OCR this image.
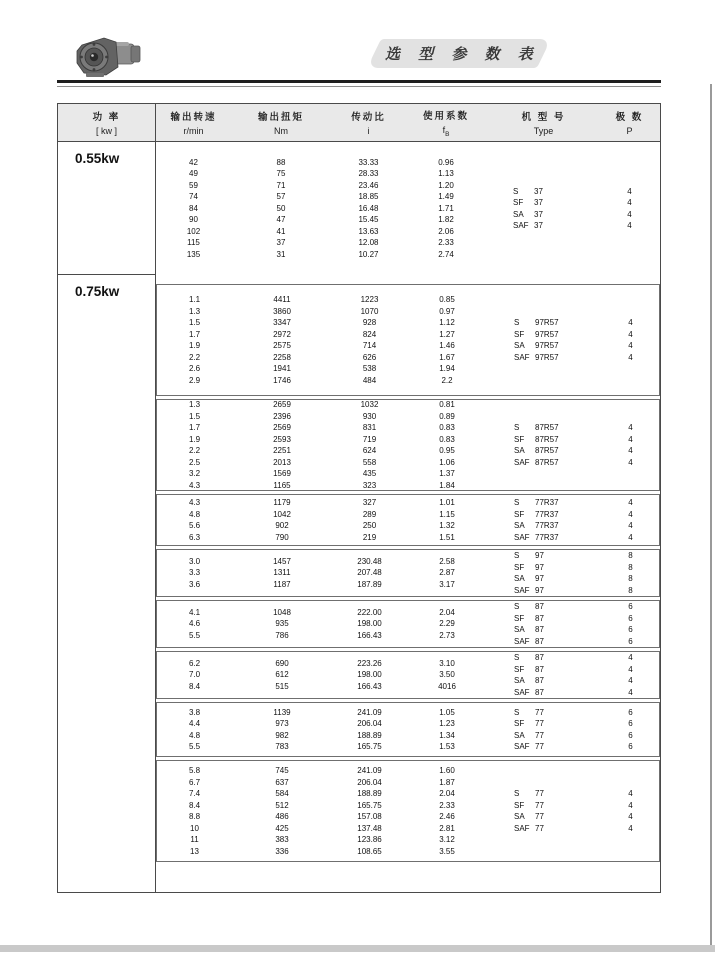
选 型 参 数 表
功 率
[ kw ]
输出转速
r/min
输出扭矩
Nm
传动比
i
使用系数
$f_B$
机 型 号
Type
极 数
P
0.55kw	42
49
59
74
84
90
102
115
135
88
75
71
57
50
47
41
37
31
33.33
28.33
23.46
18.85
16.48
15.45
13.63
12.08
10.27
0.96
1.13
1.20
1.49
1.71
1.82
2.06
2.33
2.74
S 37
SF 37
SA 37
SAF 37
4
4
4
4
0.75kw
1.1
1.3
1.5
1.7
1.9
2.2
2.6
2.9
4411
3860
3347
2972
2575
2258
1941
1746
1223
1070
928
824
714
626
538
484
0.85
0.97
1.12
1.27
1.46
1.67
1.94
2.2
S 97R57
SF 97R57
SA 97R57
SAF 97R57
4
4
4
4
1.3
1.5
1.7
1.9
2.2
2.5
3.2
4.3
2659
2396
2569
2593
2251
2013
1569
1165
1032
930
831
719
624
558
435
323
0.81
0.89
0.83
0.83
0.95
1.06
1.37
1.84
S 87R57
SF 87R57
SA 87R57
SAF 87R57
4
4
4
4
4.3
4.8
5.6
6.3
1179
1042
902
790
327
289
250
219
1.01
1.15
1.32
1.51
S 77R37
SF 77R37
SA 77R37
SAF 77R37
4
4
4
4
3.0
3.3
3.6
1457
1311
1187
230.48
207.48
187.89
2.58
2.87
3.17
S 97
SF 97
SA 97
SAF 97
8
8
8
8
4.1
4.6
5.5
1048
935
786
222.00
198.00
166.43
2.04
2.29
2.73
S 87
SF 87
SA 87
SAF 87
6
6
6
6
6.2
7.0
8.4
690
612
515
223.26
198.00
166.43
3.10
3.50
4016
S 87
SF 87
SA 87
SAF 87
4
4
4
4
3.8
4.4
4.8
5.5
1139
973
982
783
241.09
206.04
188.89
165.75
1.05
1.23
1.34
1.53
S 77
SF 77
SA 77
SAF 77
6
6
6
6
5.8
6.7
7.4
8.4
8.8
10
11
13
745
637
584
512
486
425
383
336
241.09
206.04
188.89
165.75
157.08
137.48
123.86
108.65
1.60
1.87
2.04
2.33
2.46
2.81
3.12
3.55
S 77
SF 77
SA 77
SAF 77
4
4
4
4
